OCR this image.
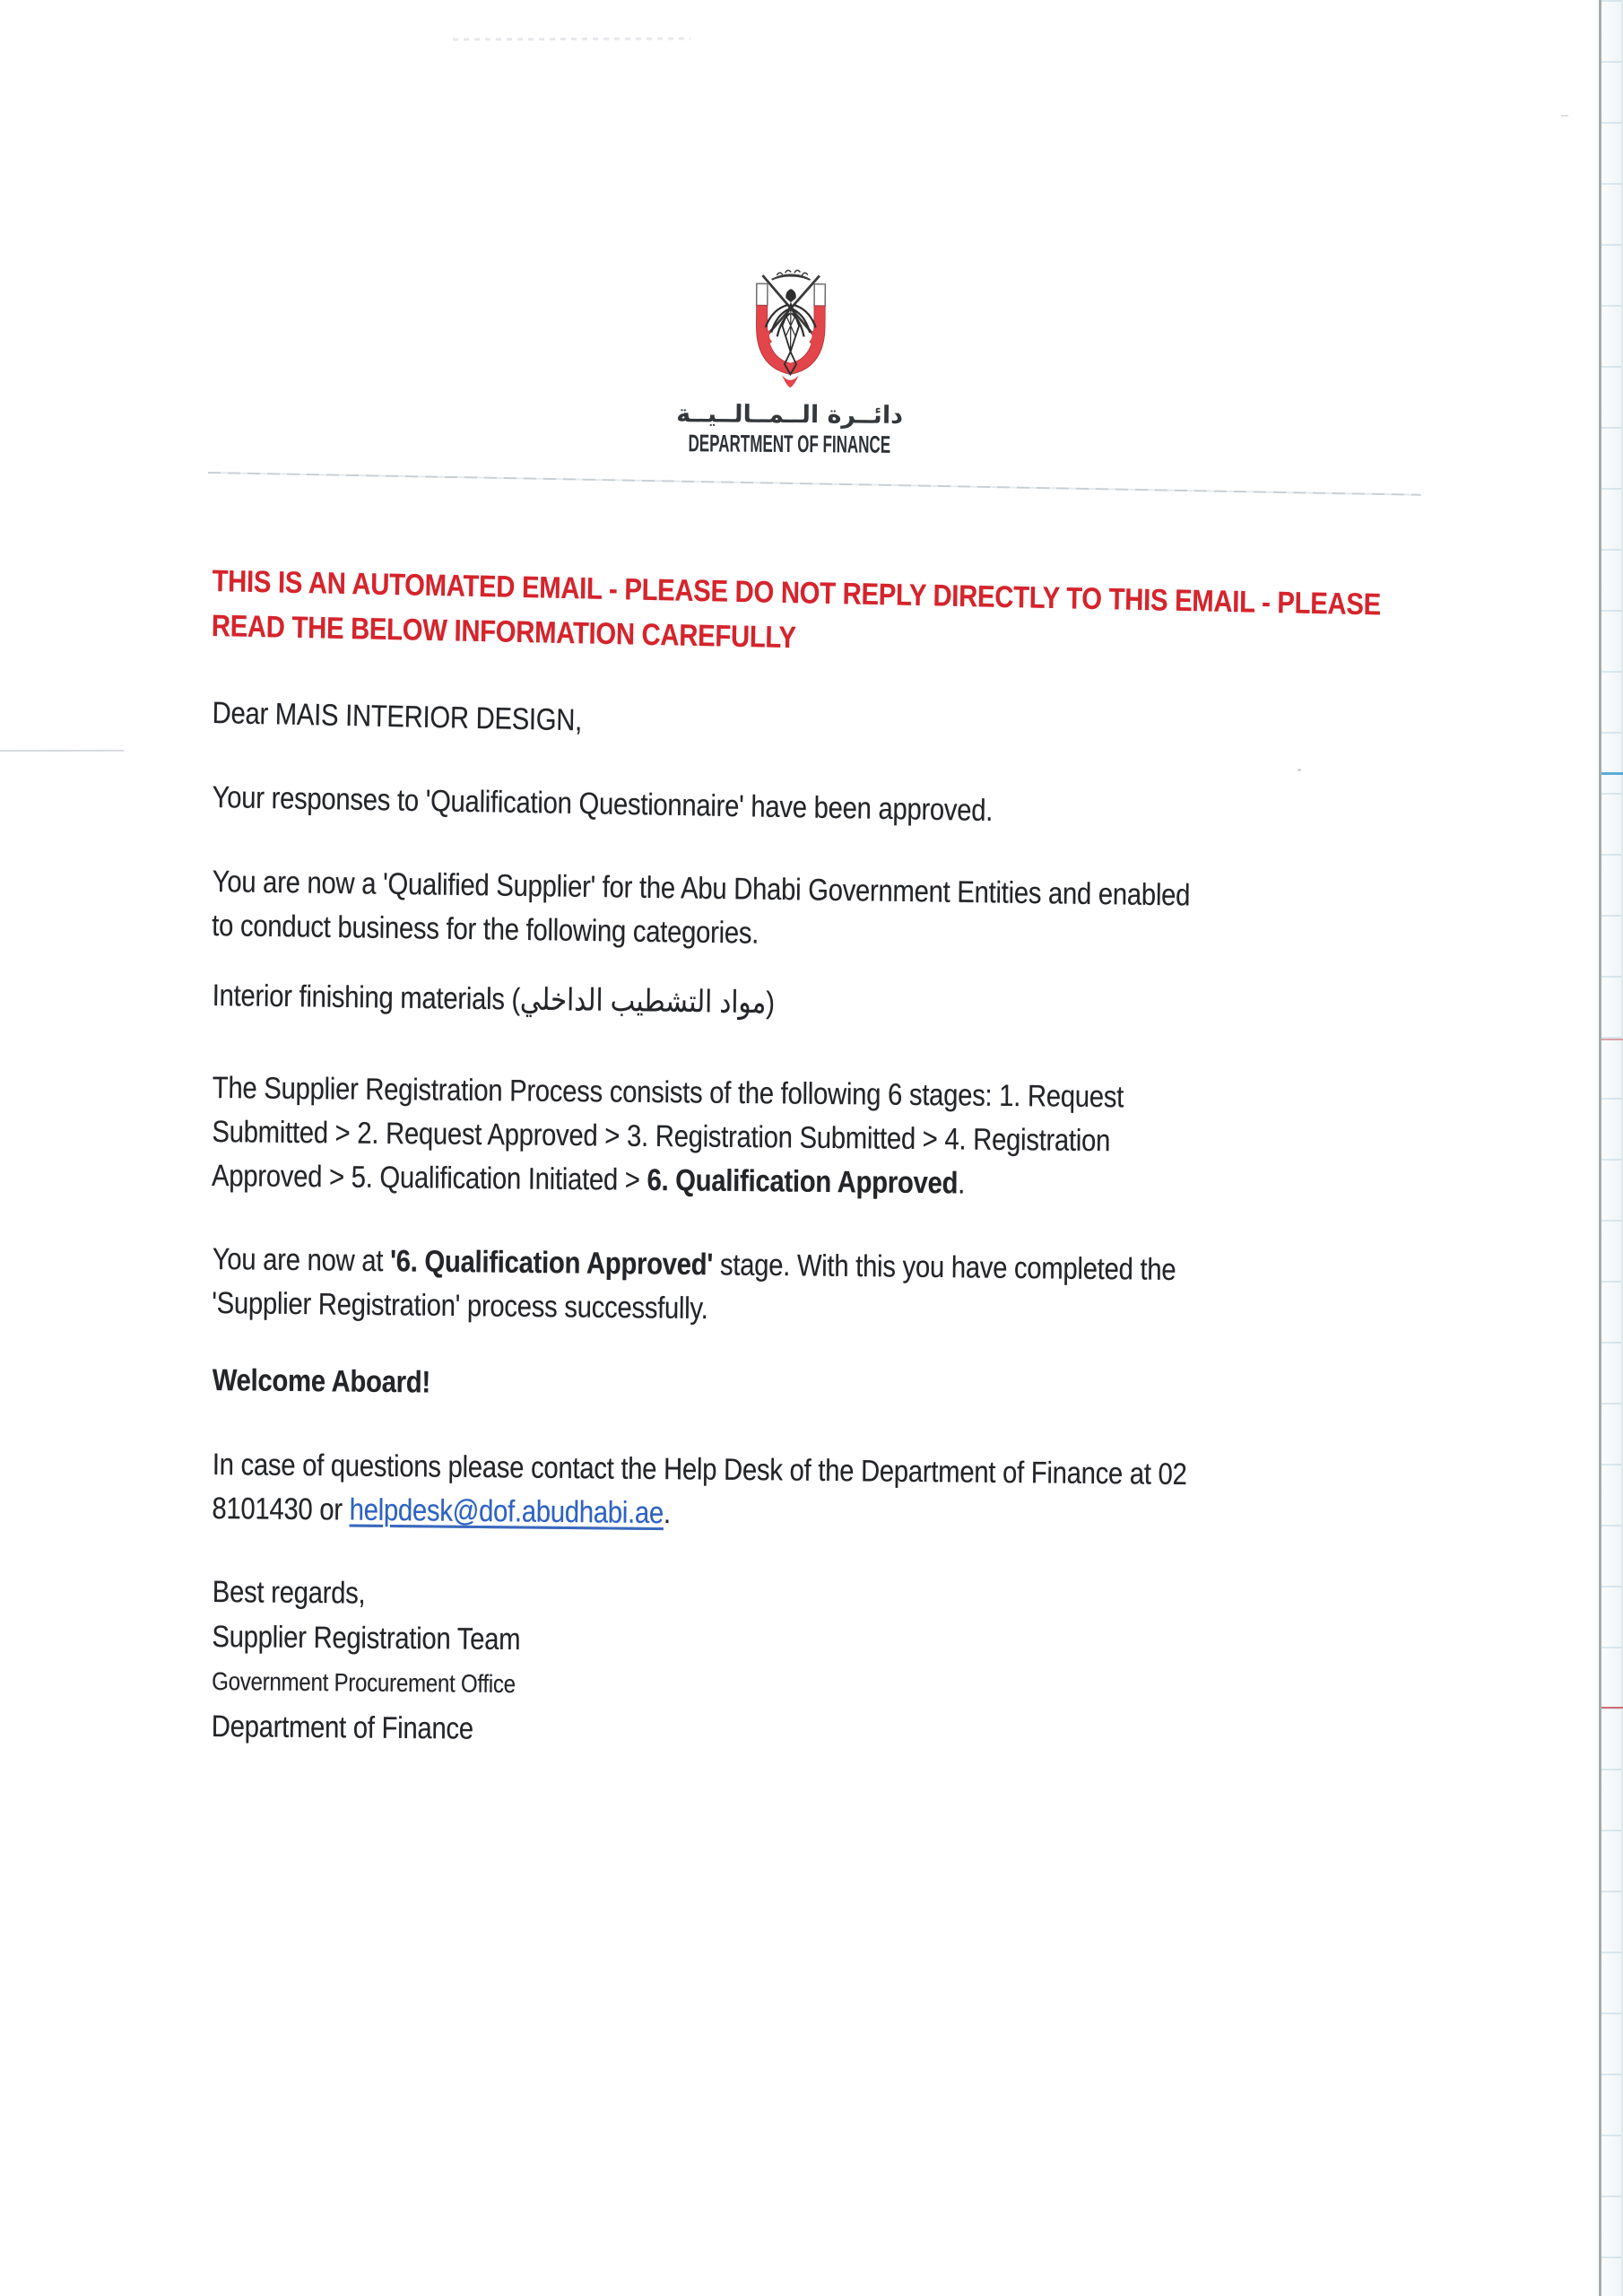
دائــرة الــمــالــيــة
DEPARTMENT OF FINANCE
THIS IS AN AUTOMATED EMAIL - PLEASE DO NOT REPLY DIRECTLY TO THIS EMAIL - PLEASE
READ THE BELOW INFORMATION CAREFULLY
Dear MAIS INTERIOR DESIGN,
Your responses to 'Qualification Questionnaire' have been approved.
You are now a 'Qualified Supplier' for the Abu Dhabi Government Entities and enabled
to conduct business for the following categories.
Interior finishing materials (مواد التشطيب الداخلي)
The Supplier Registration Process consists of the following 6 stages: 1. Request
Submitted > 2. Request Approved > 3. Registration Submitted > 4. Registration
Approved > 5. Qualification Initiated > 6. Qualification Approved.
You are now at '6. Qualification Approved' stage. With this you have completed the
'Supplier Registration' process successfully.
Welcome Aboard!
In case of questions please contact the Help Desk of the Department of Finance at 02
8101430 or helpdesk@dof.abudhabi.ae.
Best regards,
Supplier Registration Team
Government Procurement Office
Department of Finance
